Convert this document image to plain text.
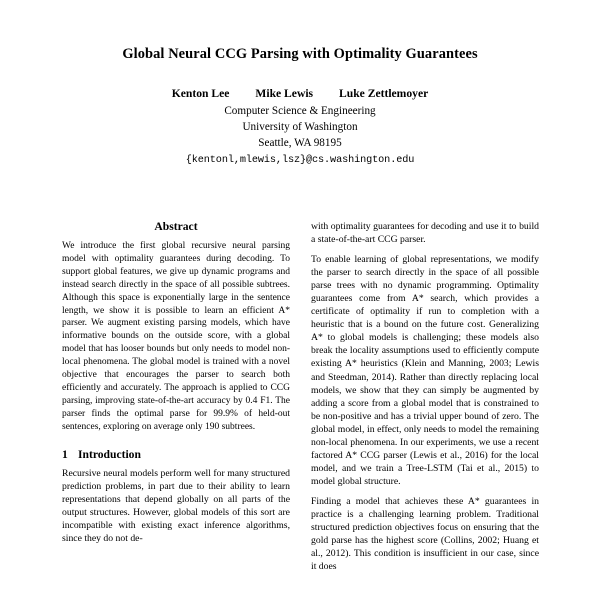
Global Neural CCG Parsing with Optimality Guarantees
Kenton Lee Mike Lewis Luke Zettlemoyer
Computer Science & Engineering
University of Washington
Seattle, WA 98195
{kentonl,mlewis,lsz}@cs.washington.edu
Abstract

We introduce the first global recursive neural parsing model with optimality guarantees during decoding. To support global features, we give up dynamic programs and instead search directly in the space of all possible subtrees. Although this space is exponentially large in the sentence length, we show it is possible to learn an efficient A* parser. We augment existing parsing models, which have informative bounds on the outside score, with a global model that has looser bounds but only needs to model non-local phenomena. The global model is trained with a novel objective that encourages the parser to search both efficiently and accurately. The approach is applied to CCG parsing, improving state-of-the-art accuracy by 0.4 F1. The parser finds the optimal parse for 99.9% of held-out sentences, exploring on average only 190 subtrees.

1 Introduction

Recursive neural models perform well for many structured prediction problems, in part due to their ability to learn representations that depend globally on all parts of the output structures. However, global models of this sort are incompatible with existing exact inference algorithms, since they do not de-

with optimality guarantees for decoding and use it to build a state-of-the-art CCG parser.

To enable learning of global representations, we modify the parser to search directly in the space of all possible parse trees with no dynamic programming. Optimality guarantees come from A* search, which provides a certificate of optimality if run to completion with a heuristic that is a bound on the future cost. Generalizing A* to global models is challenging; these models also break the locality assumptions used to efficiently compute existing A* heuristics (Klein and Manning, 2003; Lewis and Steedman, 2014). Rather than directly replacing local models, we show that they can simply be augmented by adding a score from a global model that is constrained to be non-positive and has a trivial upper bound of zero. The global model, in effect, only needs to model the remaining non-local phenomena. In our experiments, we use a recent factored A* CCG parser (Lewis et al., 2016) for the local model, and we train a Tree-LSTM (Tai et al., 2015) to model global structure.

Finding a model that achieves these A* guarantees in practice is a challenging learning problem. Traditional structured prediction objectives focus on ensuring that the gold parse has the highest score (Collins, 2002; Huang et al., 2012). This condition is insufficient in our case, since it does
